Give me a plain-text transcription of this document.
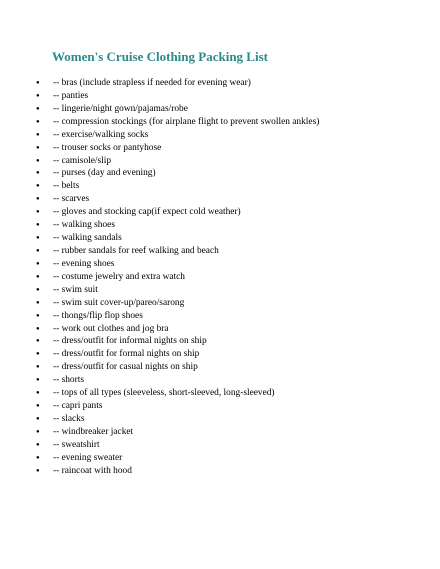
Women's Cruise Clothing Packing List
● -- bras (include strapless if needed for evening wear)
● -- panties
● -- lingerie/night gown/pajamas/robe
● -- compression stockings (for airplane flight to prevent swollen ankles)
● -- exercise/walking socks
● -- trouser socks or pantyhose
● -- camisole/slip
● -- purses (day and evening)
● -- belts
● -- scarves
● -- gloves and stocking cap(if expect cold weather)
● -- walking shoes
● -- walking sandals
● -- rubber sandals for reef walking and beach
● -- evening shoes
● -- costume jewelry and extra watch
● -- swim suit
● -- swim suit cover-up/pareo/sarong
● -- thongs/flip flop shoes
● -- work out clothes and jog bra
● -- dress/outfit for informal nights on ship
● -- dress/outfit for formal nights on ship
● -- dress/outfit for casual nights on ship
● -- shorts
● -- tops of all types (sleeveless, short-sleeved, long-sleeved)
● -- capri pants
● -- slacks
● -- windbreaker jacket
● -- sweatshirt
● -- evening sweater
● -- raincoat with hood
